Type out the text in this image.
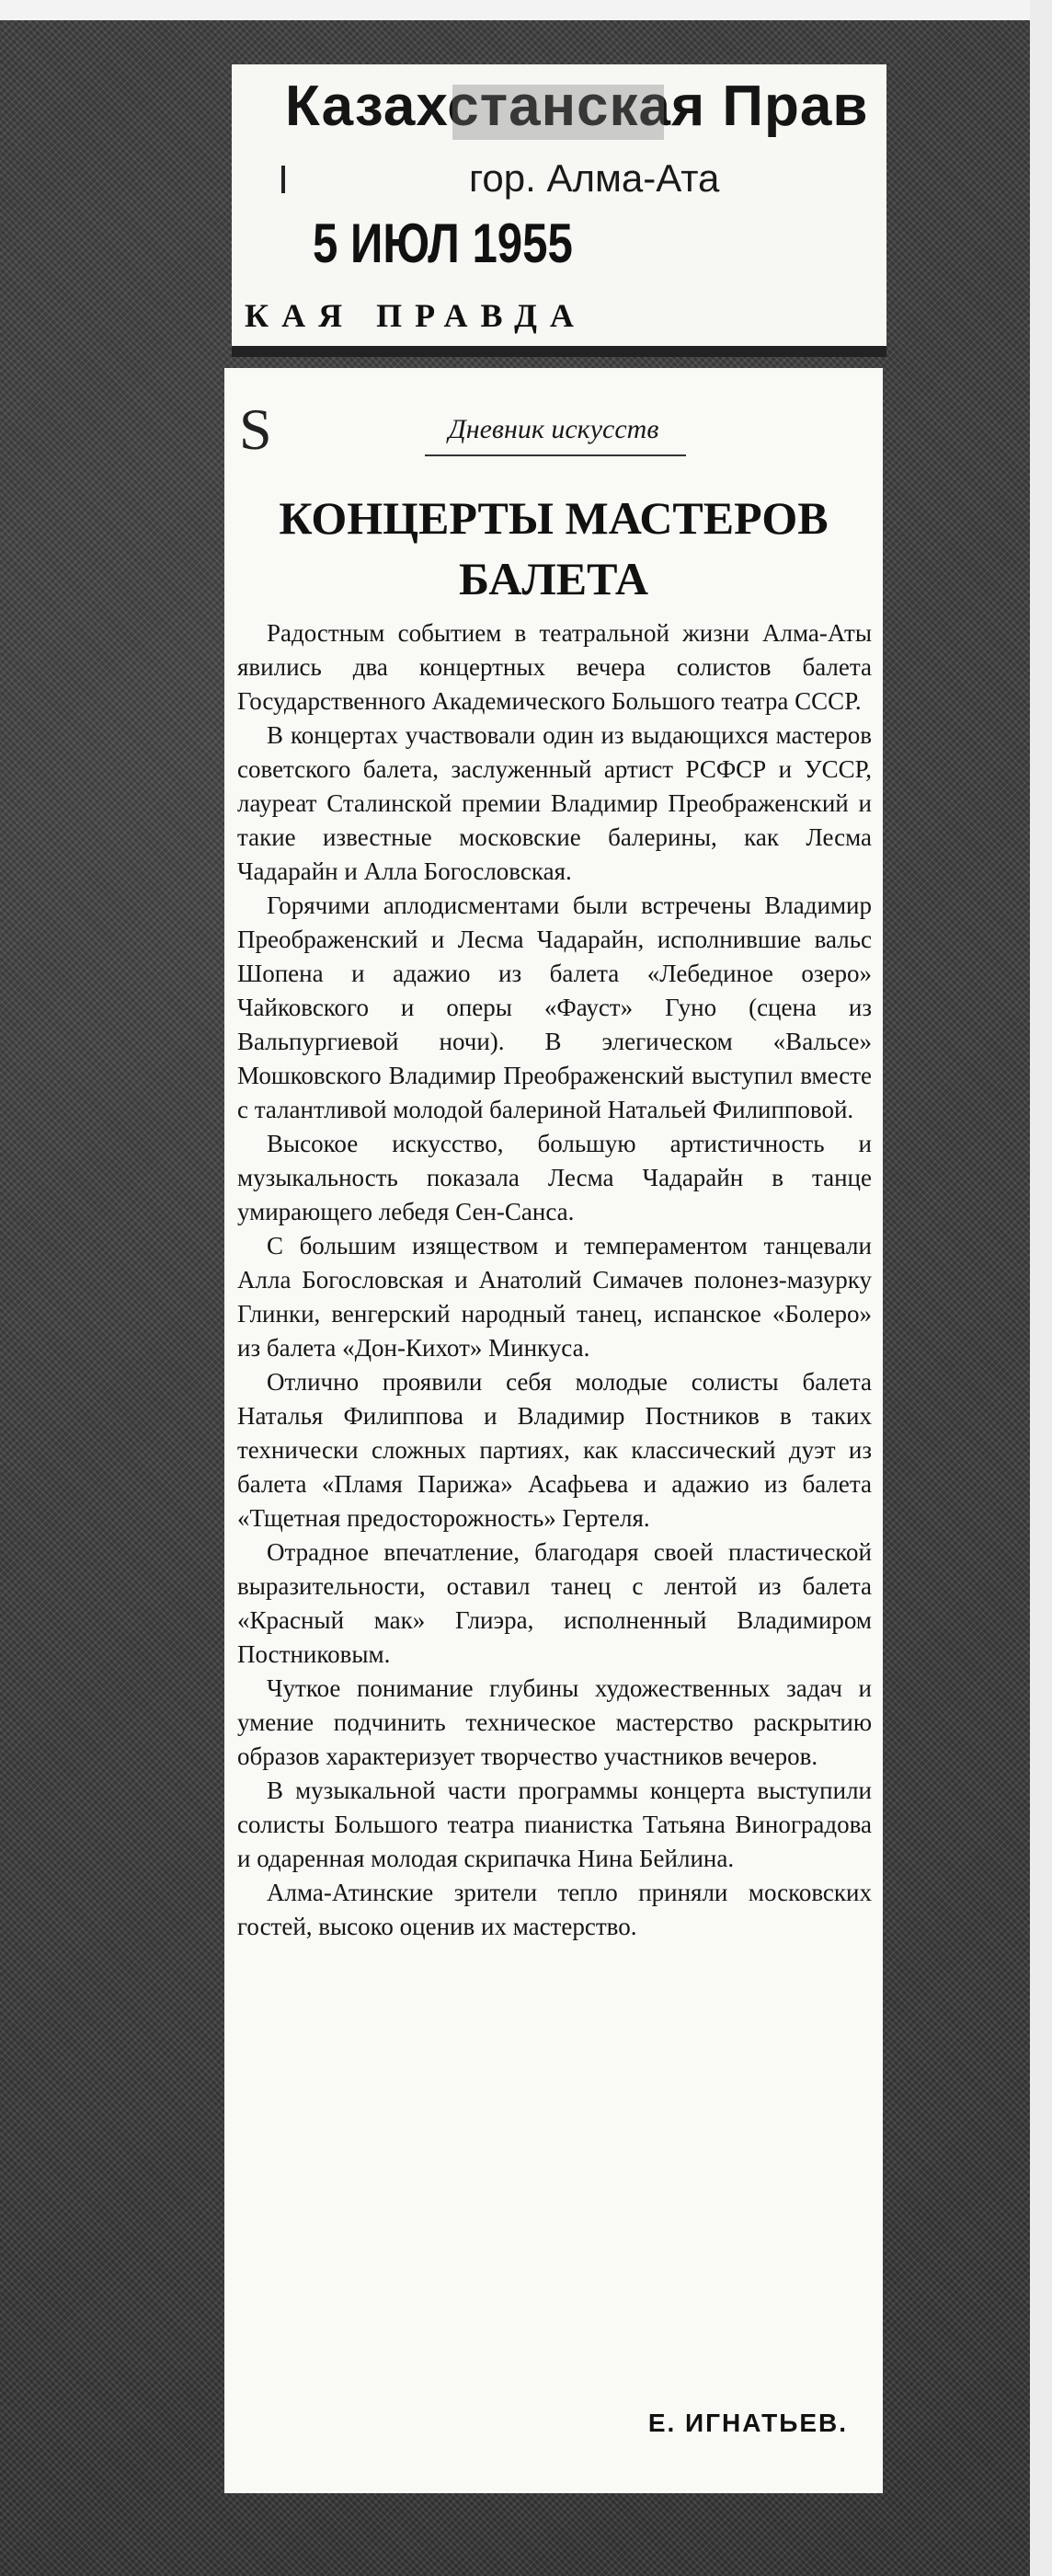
Казахстанская Прав
гор. Алма-Ата
5 ИЮЛ 1955
КАЯ ПРАВДА
S	Дневник искусств
КОНЦЕРТЫ МАСТЕРОВ
БАЛЕТА

Радостным событием в театральной жизни Алма-Аты явились два концертных вечера солистов балета Государственного Академического Большого театра СССР.

В концертах участвовали один из выдающихся мастеров советского балета, заслуженный артист РСФСР и УССР, лауреат Сталинской премии Владимир Преображенский и такие известные московские балерины, как Лесма Чадарайн и Алла Богословская.

Горячими аплодисментами были встречены Владимир Преображенский и Лесма Чадарайн, исполнившие вальс Шопена и адажио из балета «Лебединое озеро» Чайковского и оперы «Фауст» Гуно (сцена из Вальпургиевой ночи). В элегическом «Вальсе» Мошковского Владимир Преображенский выступил вместе с талантливой молодой балериной Натальей Филипповой.

Высокое искусство, большую артистичность и музыкальность показала Лесма Чадарайн в танце умирающего лебедя Сен-Санса.

С большим изяществом и темпераментом танцевали Алла Богословская и Анатолий Симачев полонез-мазурку Глинки, венгерский народный танец, испанское «Болеро» из балета «Дон-Кихот» Минкуса.

Отлично проявили себя молодые солисты балета Наталья Филиппова и Владимир Постников в таких технически сложных партиях, как классический дуэт из балета «Пламя Парижа» Асафьева и адажио из балета «Тщетная предосторожность» Гертеля.

Отрадное впечатление, благодаря своей пластической выразительности, оставил танец с лентой из балета «Красный мак» Глиэра, исполненный Владимиром Постниковым.

Чуткое понимание глубины художественных задач и умение подчинить техническое мастерство раскрытию образов характеризует творчество участников вечеров.

В музыкальной части программы концерта выступили солисты Большого театра пианистка Татьяна Виноградова и одаренная молодая скрипачка Нина Бейлина.

Алма-Атинские зрители тепло приняли московских гостей, высоко оценив их мастерство.

Е. ИГНАТЬЕВ.
